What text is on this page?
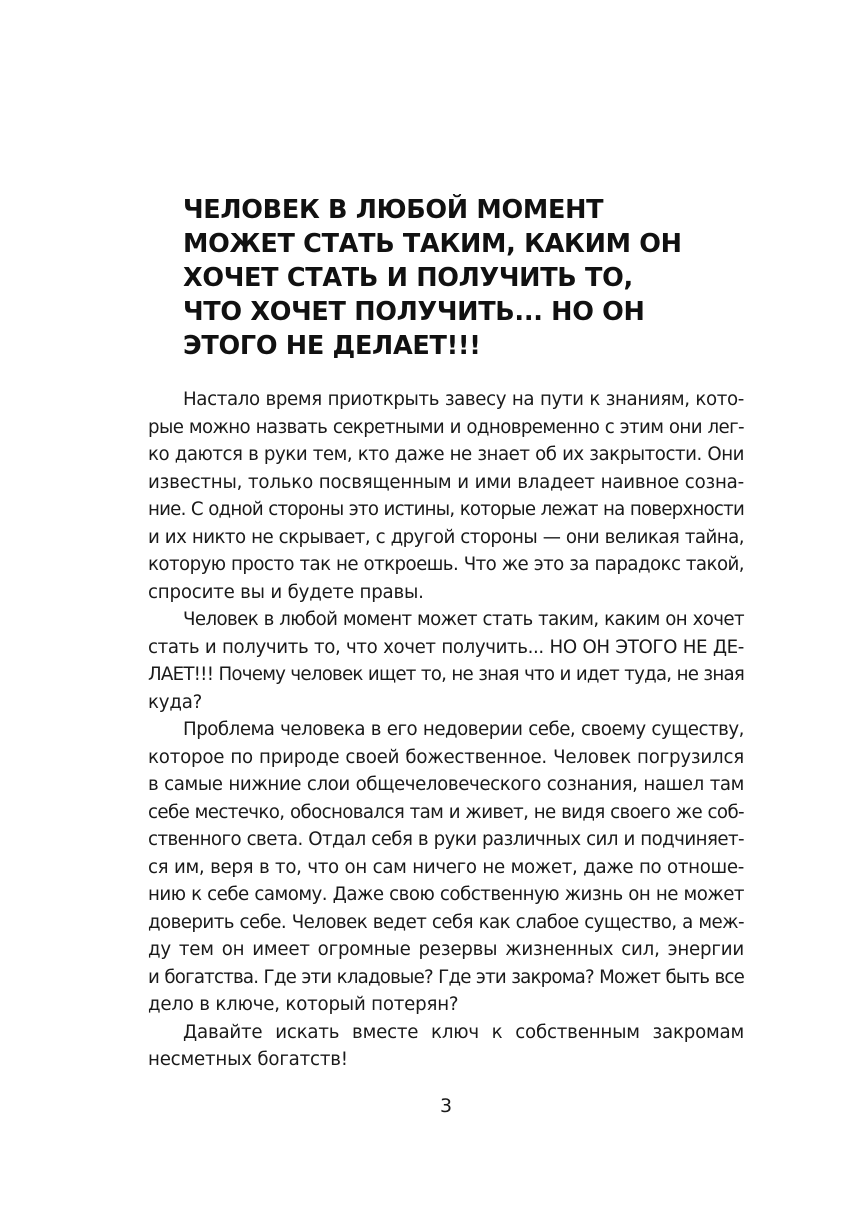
ЧЕЛОВЕК В ЛЮБОЙ МОМЕНТ
МОЖЕТ СТАТЬ ТАКИМ, КАКИМ ОН
ХОЧЕТ СТАТЬ И ПОЛУЧИТЬ ТО,
ЧТО ХОЧЕТ ПОЛУЧИТЬ... НО ОН
ЭТОГО НЕ ДЕЛАЕТ!!!
Настало время приоткрыть завесу на пути к знаниям, кото-
рые можно назвать секретными и одновременно с этим они лег-
ко даются в руки тем, кто даже не знает об их закрытости. Они
известны, только посвященным и ими владеет наивное созна-
ние. С одной стороны это истины, которые лежат на поверхности
и их никто не скрывает, с другой стороны — они великая тайна,
которую просто так не откроешь. Что же это за парадокс такой,
спросите вы и будете правы.
Человек в любой момент может стать таким, каким он хочет
стать и получить то, что хочет получить... НО ОН ЭТОГО НЕ ДЕ-
ЛАЕТ!!! Почему человек ищет то, не зная что и идет туда, не зная
куда?
Проблема человека в его недоверии себе, своему существу,
которое по природе своей божественное. Человек погрузился
в самые нижние слои общечеловеческого сознания, нашел там
себе местечко, обосновался там и живет, не видя своего же соб-
ственного света. Отдал себя в руки различных сил и подчиняет-
ся им, веря в то, что он сам ничего не может, даже по отноше-
нию к себе самому. Даже свою собственную жизнь он не может
доверить себе. Человек ведет себя как слабое существо, а меж-
ду тем он имеет огромные резервы жизненных сил, энергии
и богатства. Где эти кладовые? Где эти закрома? Может быть все
дело в ключе, который потерян?
Давайте искать вместе ключ к собственным закромам
несметных богатств!
3
